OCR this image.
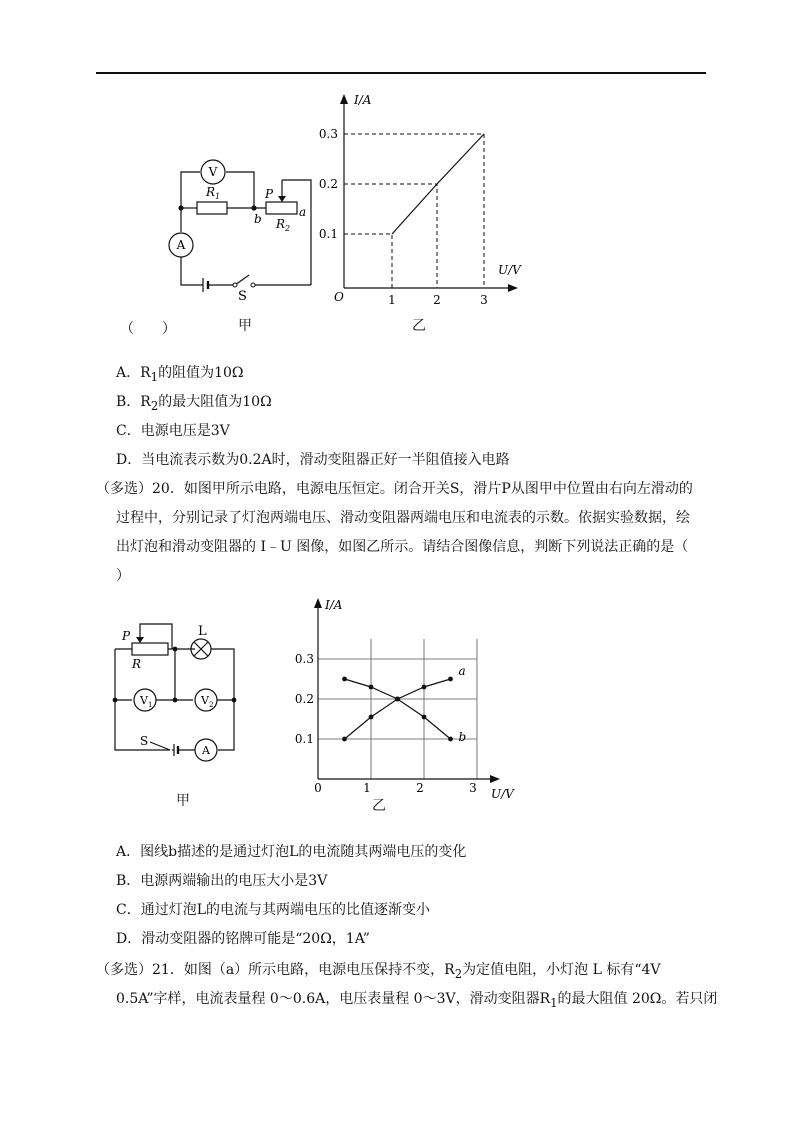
V
A
$R_1$	P
$R_2$
b	a
S
（　　）	甲
I/A
U/V
O	1	2	3
0.1
0.2
0.3
乙
A．$R_1$的阻值为10Ω
B．$R_2$的最大阻值为10Ω
C．电源电压是3V
D．当电流表示数为0.2A时，滑动变阻器正好一半阻值接入电路
（多选）20．如图甲所示电路，电源电压恒定。闭合开关S，滑片P从图甲中位置由右向左滑动的
过程中，分别记录了灯泡两端电压、滑动变阻器两端电压和电流表的示数。依据实验数据，绘
出灯泡和滑动变阻器的 I﹣U 图像，如图乙所示。请结合图像信息，判断下列说法正确的是（
）
P
R
L
$V_1$	$V_2$
S
A
甲
I/A
U/V
0	1	2	3
0.1
0.2
0.3
a
b
乙
A．图线b描述的是通过灯泡L的电流随其两端电压的变化
B．电源两端输出的电压大小是3V
C．通过灯泡L的电流与其两端电压的比值逐渐变小
D．滑动变阻器的铭牌可能是“20Ω，1A”
（多选）21．如图（a）所示电路，电源电压保持不变，$R_2$为定值电阻，小灯泡 L 标有“4V
0.5A”字样，电流表量程 0～0.6A，电压表量程 0～3V，滑动变阻器$R_1$的最大阻值 20Ω。若只闭
